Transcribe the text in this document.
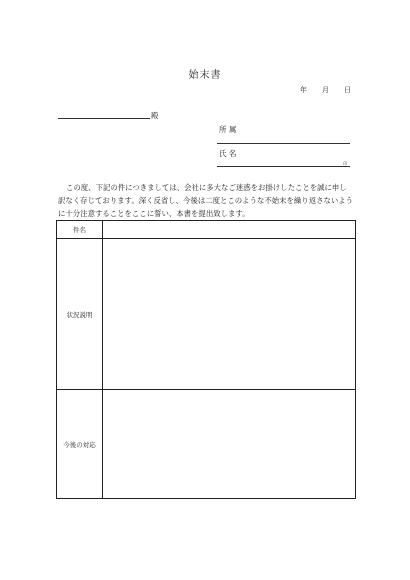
始末書
年 月 日
殿
所 属
氏 名
印
この度、下記の件につきましては、会社に多大なご迷惑をお掛けしたことを誠に申し訳なく存じております。深く反省し、今後は二度とこのような不始末を繰り返さないように十分注意することをここに誓い、本書を提出致します。
件名	
状況説明	
今後の対応	
